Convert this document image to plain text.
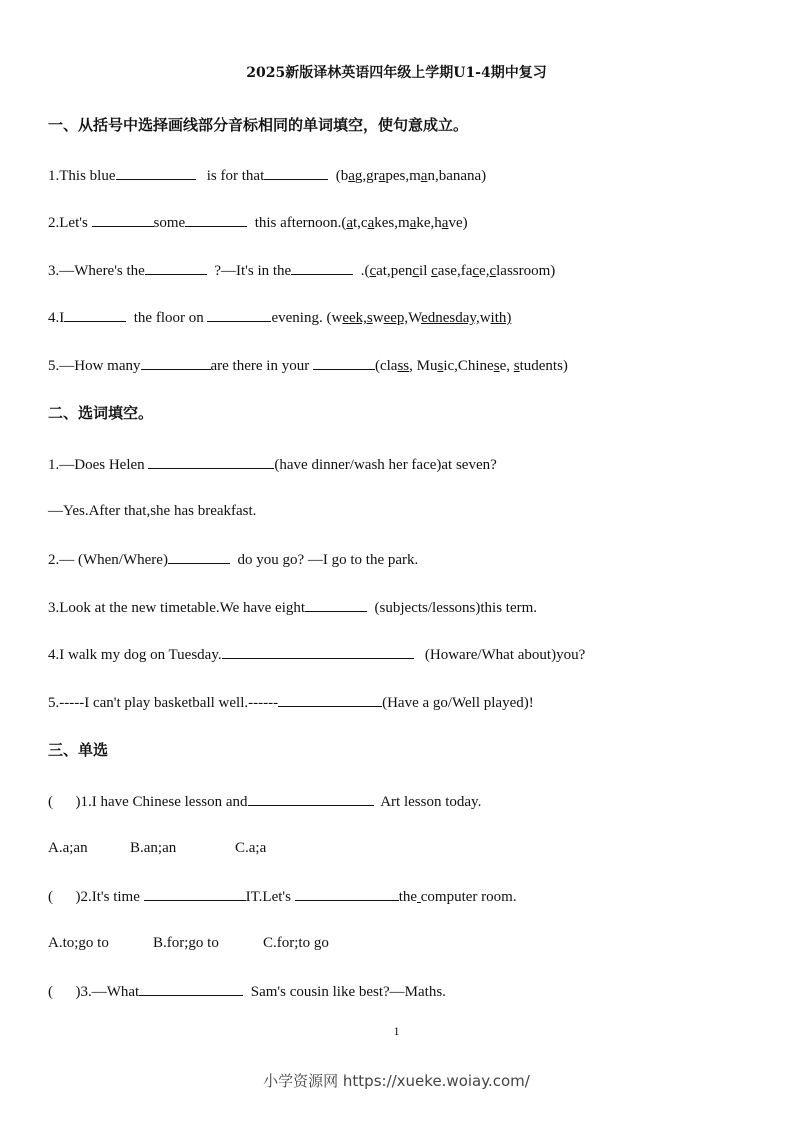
2025新版译林英语四年级上学期U1-4期中复习
一、从括号中选择画线部分音标相同的单词填空，使句意成立。
1.This blue	is for that	(bag,grapes,man,banana)
2.Let's	some	this afternoon.(at,cakes,make,have)
3.—Where's the	?—It's in the	.(cat,pencil case,face,classroom)
4.I	the floor on	evening. (week,sweep,Wednesday,with)
5.—How many	are there in your	(class, Music,Chinese, students)
二、选词填空。
1.—Does Helen	(have dinner/wash her face)at seven?
—Yes.After that,she has breakfast.
2.— (When/Where)	do you go? —I go to the park.
3.Look at the new timetable.We have eight	(subjects/lessons)this term.
4.I walk my dog on Tuesday.	(Howare/What about)you?
5.-----I can't play basketball well.------	(Have a go/Well played)!
三、单选
(      )1.I have Chinese lesson and	Art lesson today.
A.a;an	B.an;an	C.a;a
(      )2.It's time	IT.Let's	the computer room.
A.to;go to	B.for;go to	C.for;to go
(      )3.—What	Sam's cousin like best?—Maths.
1
小学资源网 https://xueke.woiay.com/
